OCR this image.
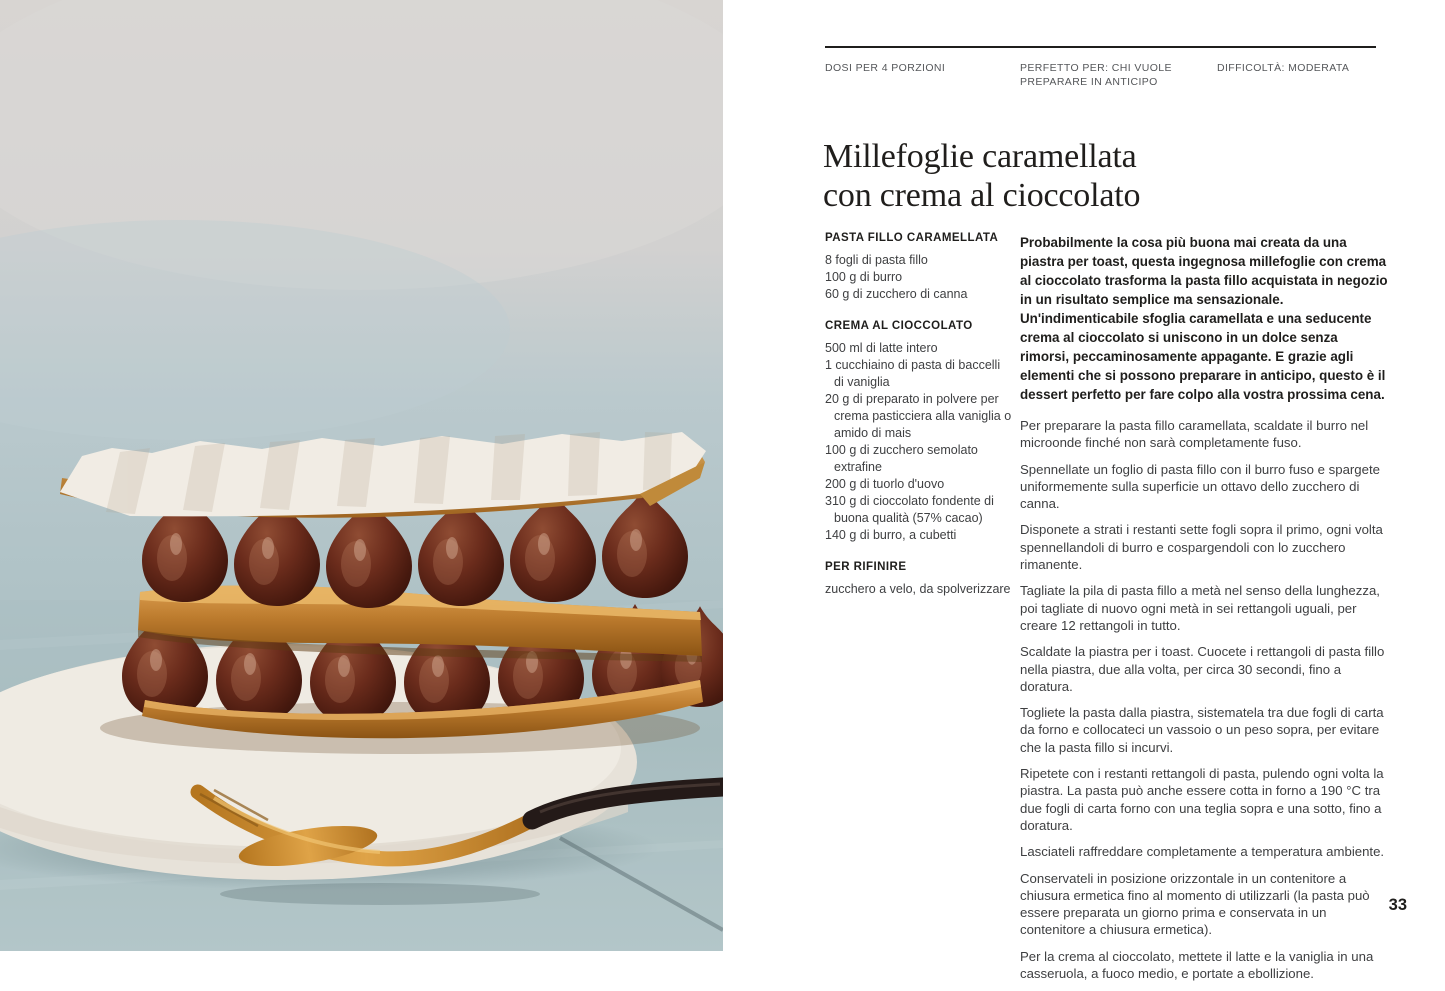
DOSI PER 4 PORZIONI	PERFETTO PER: CHI VUOLE PREPARARE IN ANTICIPO
DIFFICOLTÀ: MODERATA
Millefoglie caramellata
con crema al cioccolato
PASTA FILLO CARAMELLATA
8 fogli di pasta fillo
100 g di burro
60 g di zucchero di canna
CREMA AL CIOCCOLATO
500 ml di latte intero
1 cucchiaino di pasta di baccelli di vaniglia
20 g di preparato in polvere per crema pasticciera alla vaniglia o amido di mais
100 g di zucchero semolato extrafine
200 g di tuorlo d'uovo
310 g di cioccolato fondente di buona qualità (57% cacao)
140 g di burro, a cubetti
PER RIFINIRE
zucchero a velo, da spolverizzare

Probabilmente la cosa più buona mai creata da una piastra per toast, questa ingegnosa millefoglie con crema al cioccolato trasforma la pasta fillo acquistata in negozio in un risultato semplice ma sensazionale. Un'indimenticabile sfoglia caramellata e una seducente crema al cioccolato si uniscono in un dolce senza rimorsi, peccaminosamente appagante. E grazie agli elementi che si possono preparare in anticipo, questo è il dessert perfetto per fare colpo alla vostra prossima cena.

Per preparare la pasta fillo caramellata, scaldate il burro nel microonde finché non sarà completamente fuso.

Spennellate un foglio di pasta fillo con il burro fuso e spargete uniformemente sulla superficie un ottavo dello zucchero di canna.

Disponete a strati i restanti sette fogli sopra il primo, ogni volta spennellandoli di burro e cospargendoli con lo zucchero rimanente.

Tagliate la pila di pasta fillo a metà nel senso della lunghezza, poi tagliate di nuovo ogni metà in sei rettangoli uguali, per creare 12 rettangoli in tutto.

Scaldate la piastra per i toast. Cuocete i rettangoli di pasta fillo nella piastra, due alla volta, per circa 30 secondi, fino a doratura.

Togliete la pasta dalla piastra, sistematela tra due fogli di carta da forno e collocateci un vassoio o un peso sopra, per evitare che la pasta fillo si incurvi.

Ripetete con i restanti rettangoli di pasta, pulendo ogni volta la piastra. La pasta può anche essere cotta in forno a 190 °C tra due fogli di carta forno con una teglia sopra e una sotto, fino a doratura.

Lasciateli raffreddare completamente a temperatura ambiente.

Conservateli in posizione orizzontale in un contenitore a chiusura ermetica fino al momento di utilizzarli (la pasta può essere preparata un giorno prima e conservata in un contenitore a chiusura ermetica).

Per la crema al cioccolato, mettete il latte e la vaniglia in una casseruola, a fuoco medio, e portate a ebollizione.

33
